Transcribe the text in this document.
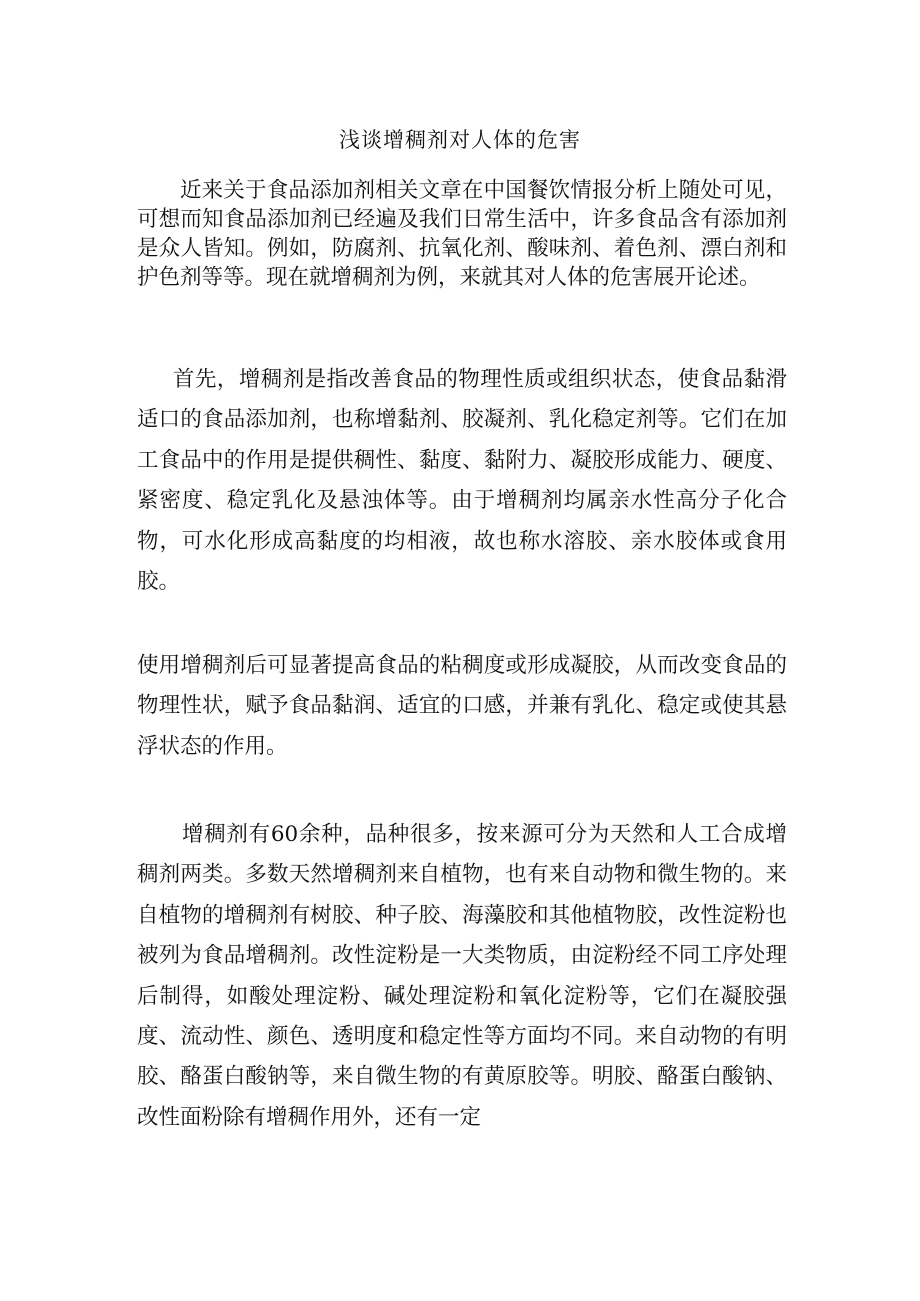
浅谈增稠剂对人体的危害

近来关于食品添加剂相关文章在中国餐饮情报分析上随处可见，可想而知食品添加剂已经遍及我们日常生活中，许多食品含有添加剂是众人皆知。例如，防腐剂、抗氧化剂、酸味剂、着色剂、漂白剂和护色剂等等。现在就增稠剂为例，来就其对人体的危害展开论述。

首先，增稠剂是指改善食品的物理性质或组织状态，使食品黏滑适口的食品添加剂，也称增黏剂、胶凝剂、乳化稳定剂等。它们在加工食品中的作用是提供稠性、黏度、黏附力、凝胶形成能力、硬度、紧密度、稳定乳化及悬浊体等。由于增稠剂均属亲水性高分子化合物，可水化形成高黏度的均相液，故也称水溶胶、亲水胶体或食用胶。

使用增稠剂后可显著提高食品的粘稠度或形成凝胶，从而改变食品的物理性状，赋予食品黏润、适宜的口感，并兼有乳化、稳定或使其悬浮状态的作用。

增稠剂有60余种，品种很多，按来源可分为天然和人工合成增稠剂两类。多数天然增稠剂来自植物，也有来自动物和微生物的。来自植物的增稠剂有树胶、种子胶、海藻胶和其他植物胶，改性淀粉也被列为食品增稠剂。改性淀粉是一大类物质，由淀粉经不同工序处理后制得，如酸处理淀粉、碱处理淀粉和氧化淀粉等，它们在凝胶强度、流动性、颜色、透明度和稳定性等方面均不同。来自动物的有明胶、酪蛋白酸钠等，来自微生物的有黄原胶等。明胶、酪蛋白酸钠、改性面粉除有增稠作用外，还有一定
